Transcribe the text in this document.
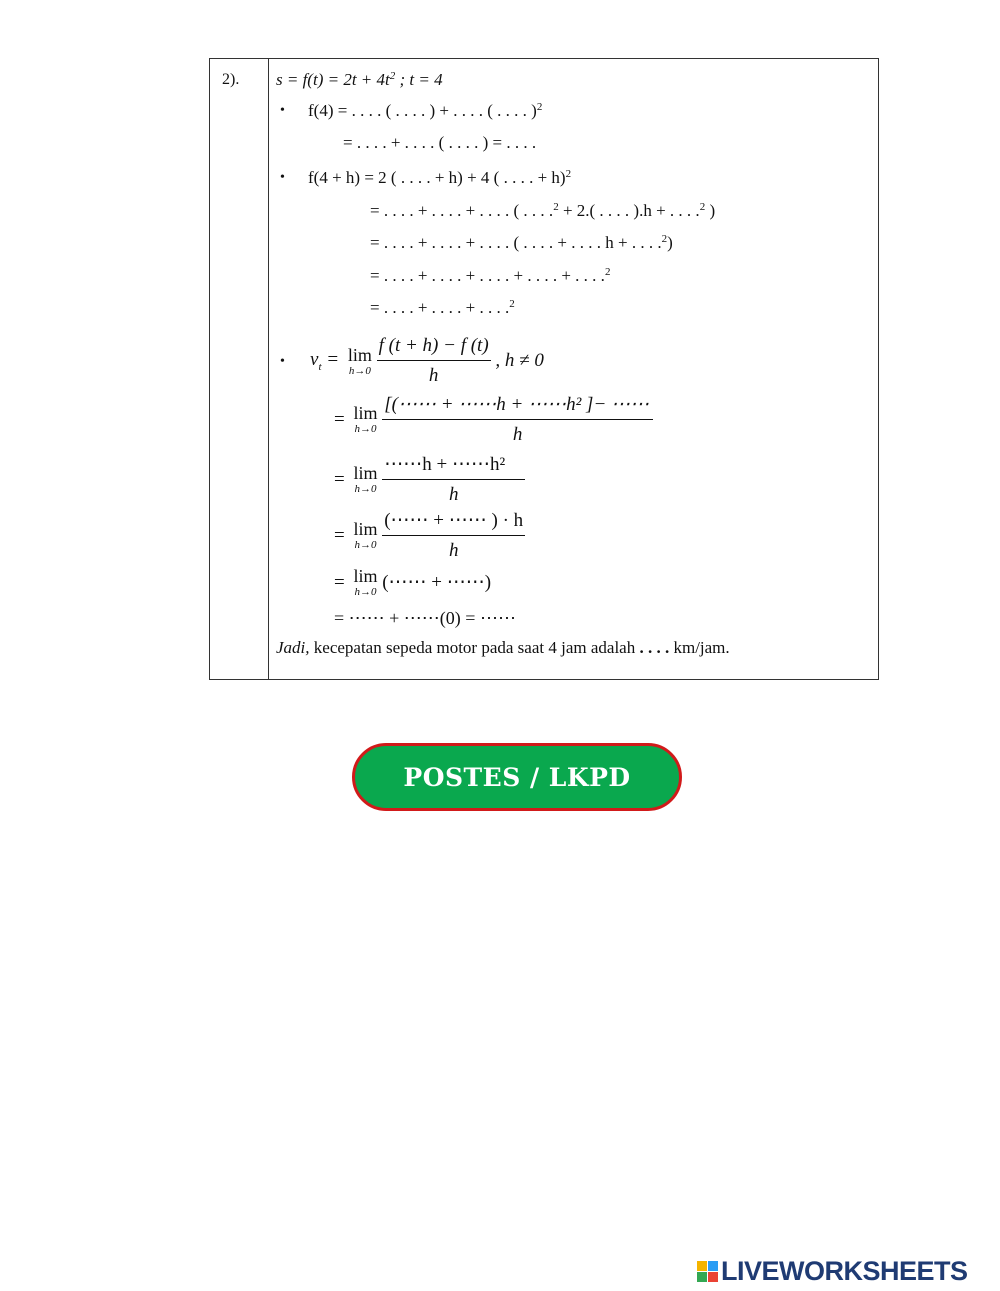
2). $s = f(t) = 2t + 4t^2$ ; t = 4
• f(4) = . . . . ( . . . . ) + . . . . ( . . . . )$^2$
= . . . . + . . . . ( . . . . ) = . . . .
• f(4 + h) = 2 ( . . . . + h) + 4 ( . . . . + h)$^2$
= . . . . + . . . . + . . . . ( . . . .$^2$ + 2.( . . . . ).h + . . . .$^2$ )
= . . . . + . . . . + . . . . ( . . . . + . . . . h + . . . .$^2$)
= . . . . + . . . . + . . . . + . . . . + . . . .$^2$
= . . . . + . . . . + . . . .$^2$
• $v_t = \lim$
h→0
$\frac{f (t + h) - f (t)}{h}$ , h ≠ 0
= lim
h→0
$\frac{\text{[(⋯⋯ + ⋯⋯h + ⋯⋯h² ]− ⋯⋯}}{h}$
= lim
h→0
$\frac{\text{⋯⋯h + ⋯⋯h²}}{h}$
= lim
h→0
$\frac{(\cdots\cdots + \cdots\cdots ) \cdot h}{h}$
= lim
h→0 (⋯⋯ + ⋯⋯)
= ⋯⋯ + ⋯⋯(0) = ⋯⋯
Jadi, kecepatan sepeda motor pada saat 4 jam adalah . . . . km/jam.
POSTES / LKPD
LIVEWORKSHEETS
